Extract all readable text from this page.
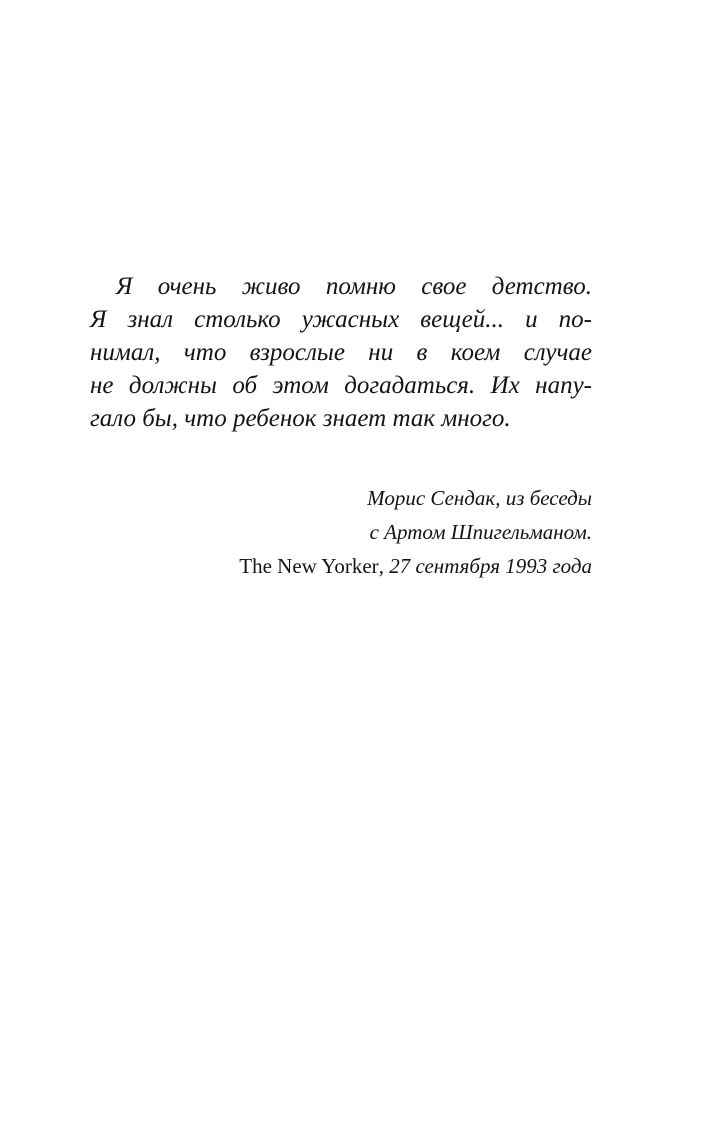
Я очень живо помню свое детство.
Я знал столько ужасных вещей... и по-
нимал, что взрослые ни в коем случае
не должны об этом догадаться. Их напу-
гало бы, что ребенок знает так много.
Морис Сендак, из беседы
с Артом Шпигельманом.
The New Yorker, 27 сентября 1993 года
